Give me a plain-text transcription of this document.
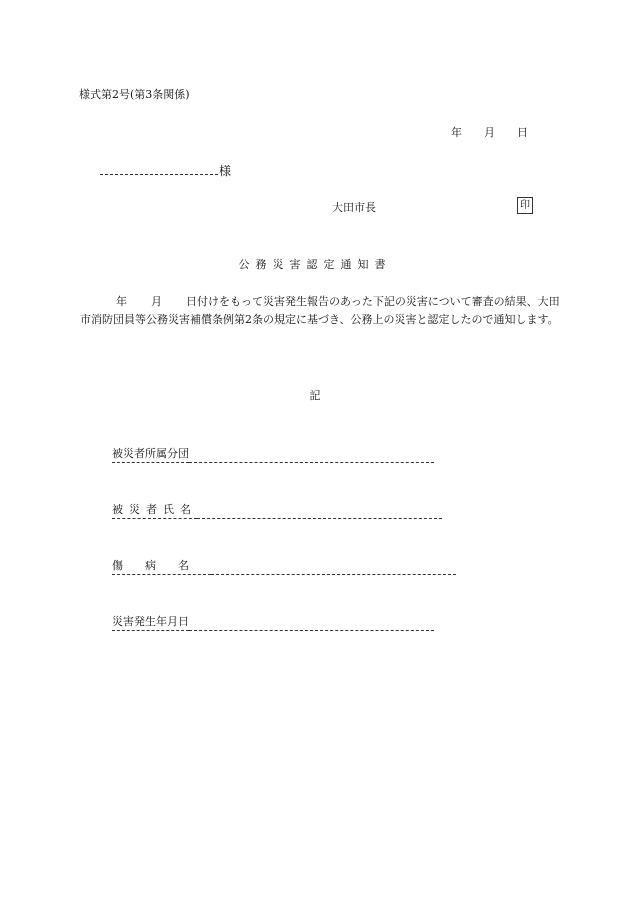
様式第2号(第3条関係)
年 月 日
様
大田市長	印
公務災害認定通知書
年 月 日付けをもって災害発生報告のあった下記の災害について審査の結果、大田市消防団員等公務災害補償条例第2条の規定に基づき、公務上の災害と認定したので通知します。
記
被災者所属分団
被災者氏名
傷病名
災害発生年月日
